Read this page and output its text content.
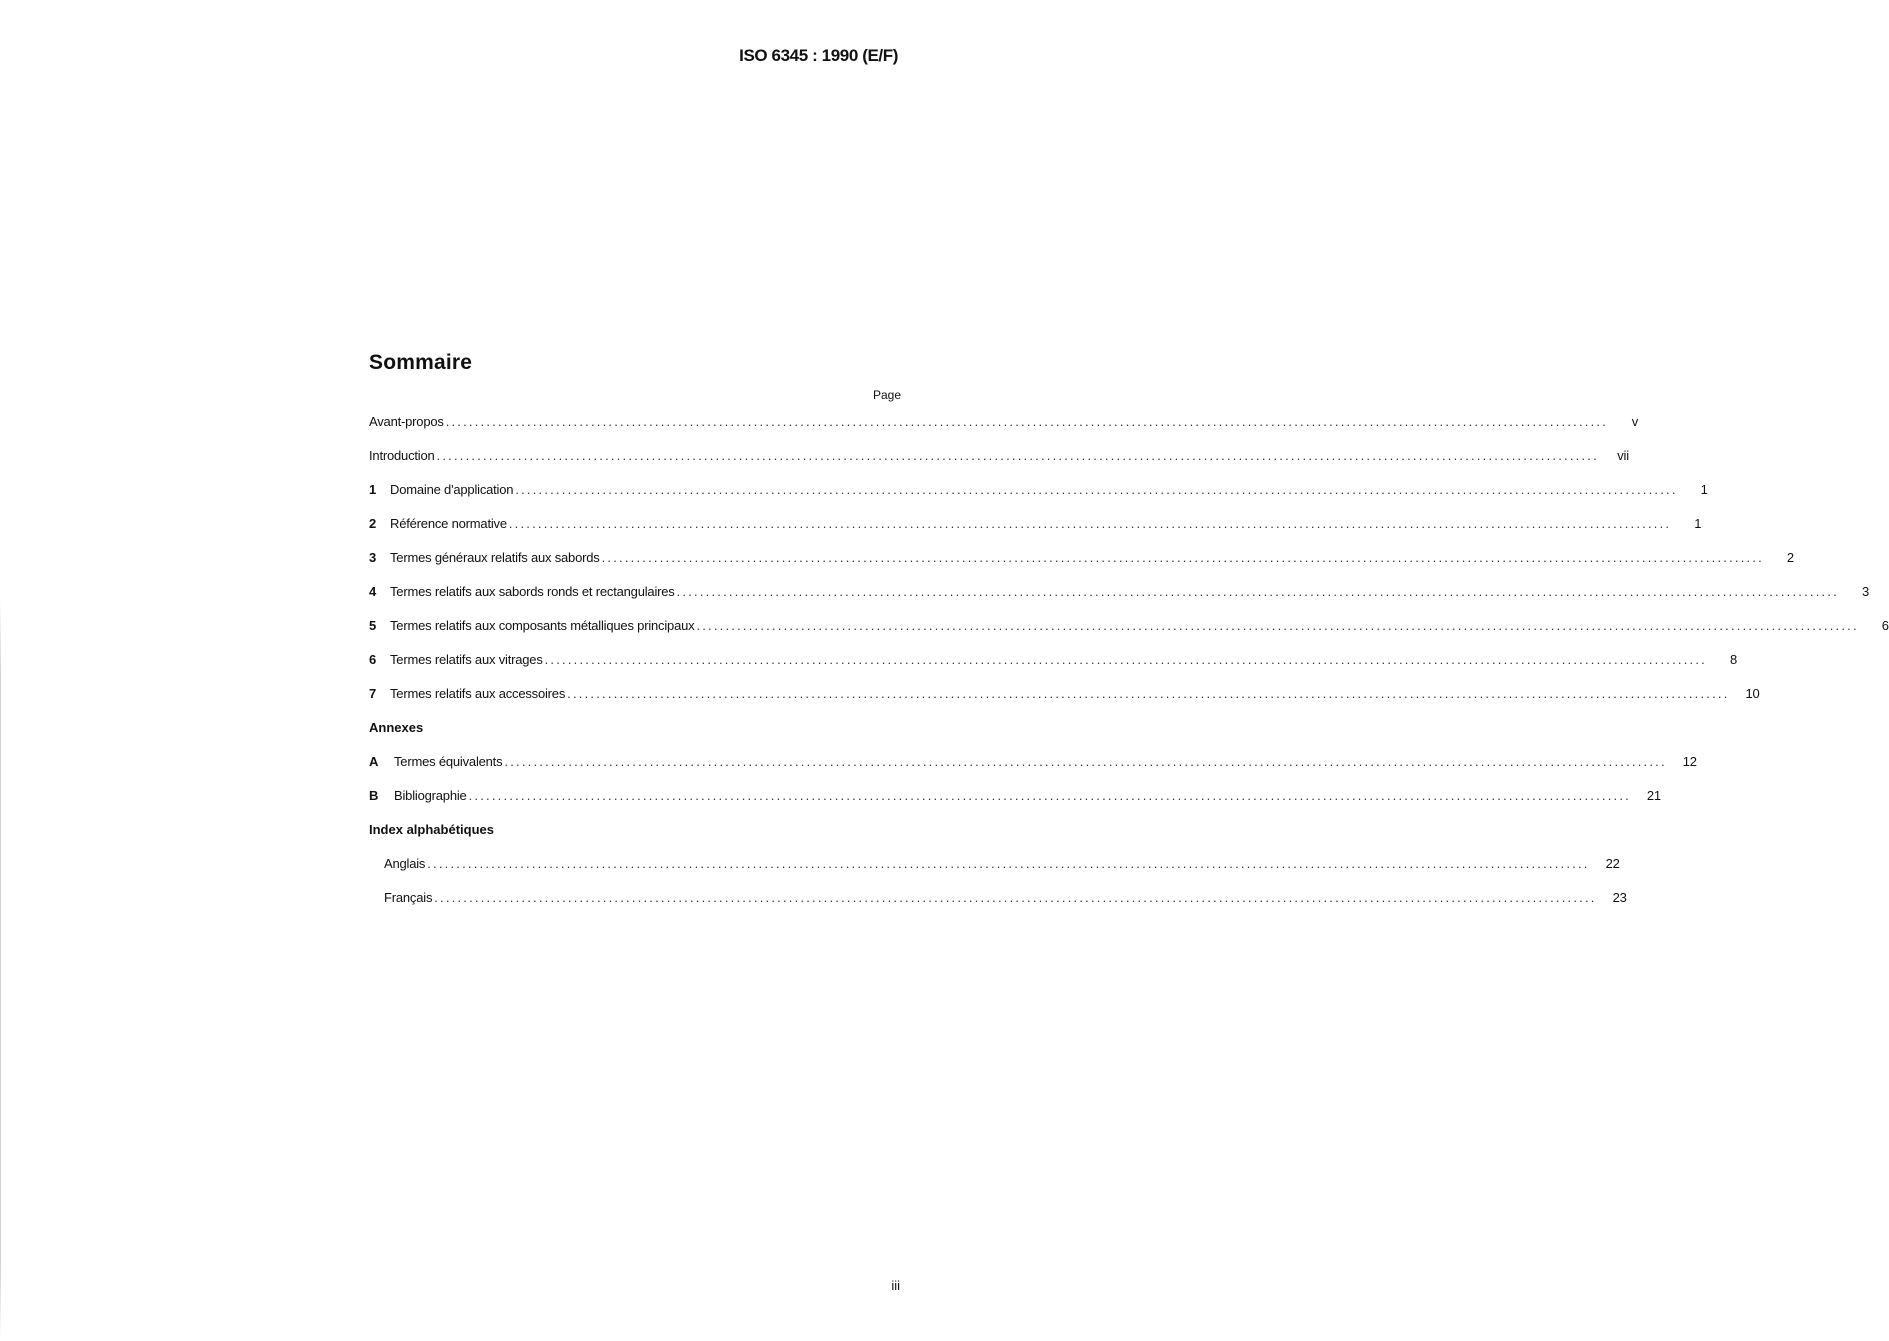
ISO 6345 : 1990 (E/F)
Sommaire
Page
Avant-propos ........................................................................................................................................................................................................	v
Introduction ........................................................................................................................................................................................................	vii
1	Domaine d'application ........................................................................................................................................................................................................	1
2	Référence normative ........................................................................................................................................................................................................	1
3	Termes généraux relatifs aux sabords ........................................................................................................................................................................................................	2
4	Termes relatifs aux sabords ronds et rectangulaires ........................................................................................................................................................................................................	3
5	Termes relatifs aux composants métalliques principaux ........................................................................................................................................................................................................	6
6	Termes relatifs aux vitrages ........................................................................................................................................................................................................	8
7	Termes relatifs aux accessoires ........................................................................................................................................................................................................	10
Annexes
A	Termes équivalents ........................................................................................................................................................................................................	12
B	Bibliographie ........................................................................................................................................................................................................	21
Index alphabétiques
Anglais ........................................................................................................................................................................................................	22
Français ........................................................................................................................................................................................................	23
iii
